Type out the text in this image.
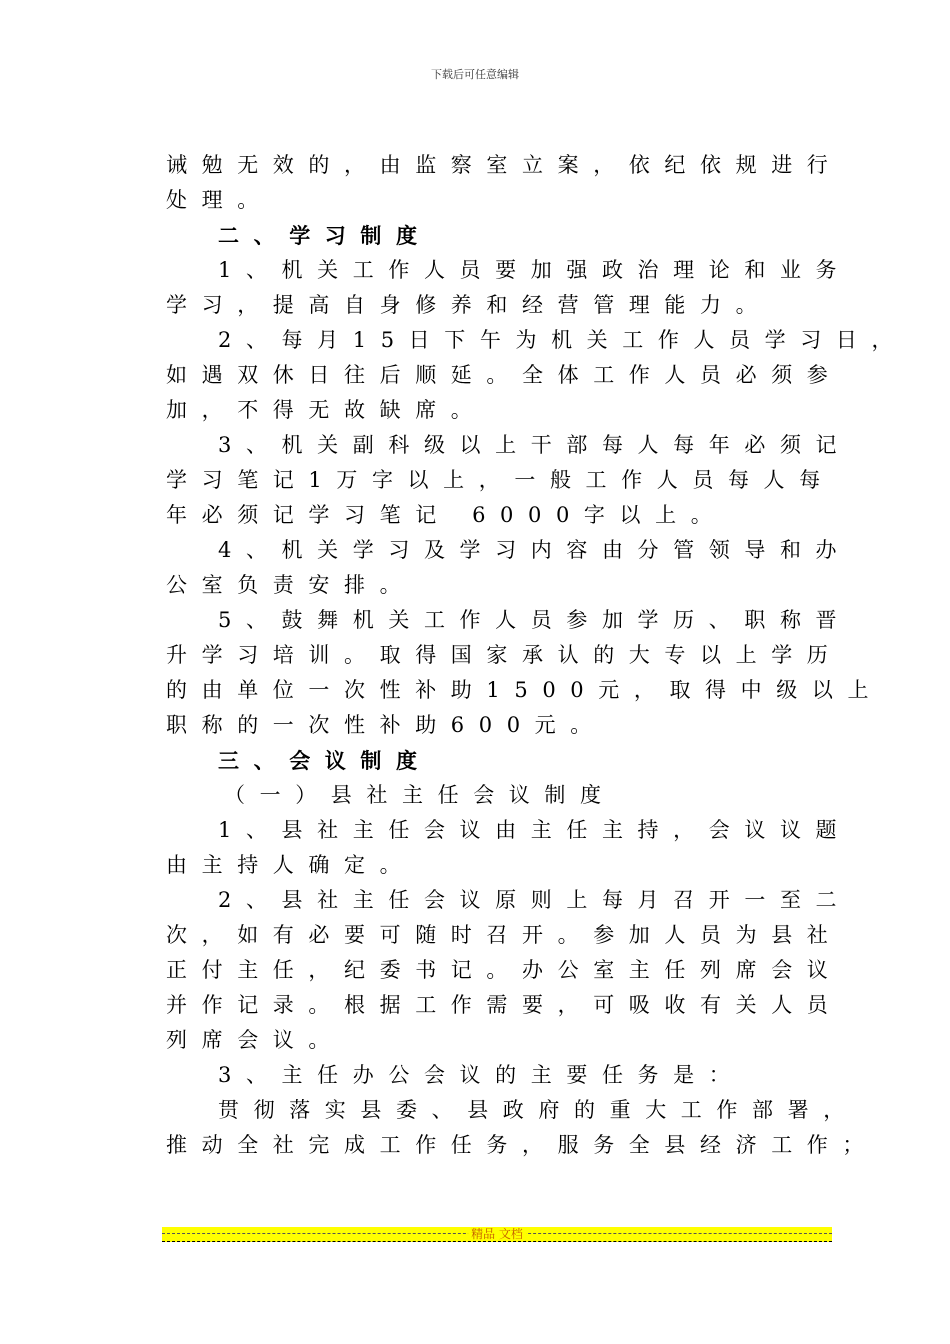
下载后可任意编辑
诫勉无效的，由监察室立案，依纪依规进行
处理。
二、学习制度
1、机关工作人员要加强政治理论和业务
学习，提高自身修养和经营管理能力。
2、每月15日下午为机关工作人员学习日，
如遇双休日往后顺延。全体工作人员必须参
加，不得无故缺席。
3、机关副科级以上干部每人每年必须记
学习笔记1万字以上，一般工作人员每人每
年必须记学习笔记 6000字以上。
4、机关学习及学习内容由分管领导和办
公室负责安排。
5、鼓舞机关工作人员参加学历、职称晋
升学习培训。取得国家承认的大专以上学历
的由单位一次性补助1500元，取得中级以上
职称的一次性补助600元。
三、会议制度
（一）县社主任会议制度
1、县社主任会议由主任主持，会议议题
由主持人确定。
2、县社主任会议原则上每月召开一至二
次，如有必要可随时召开。参加人员为县社
正付主任，纪委书记。办公室主任列席会议
并作记录。根据工作需要，可吸收有关人员
列席会议。
3、主任办公会议的主要任务是：
贯彻落实县委、县政府的重大工作部署，
推动全社完成工作任务，服务全县经济工作；
精品 文档
